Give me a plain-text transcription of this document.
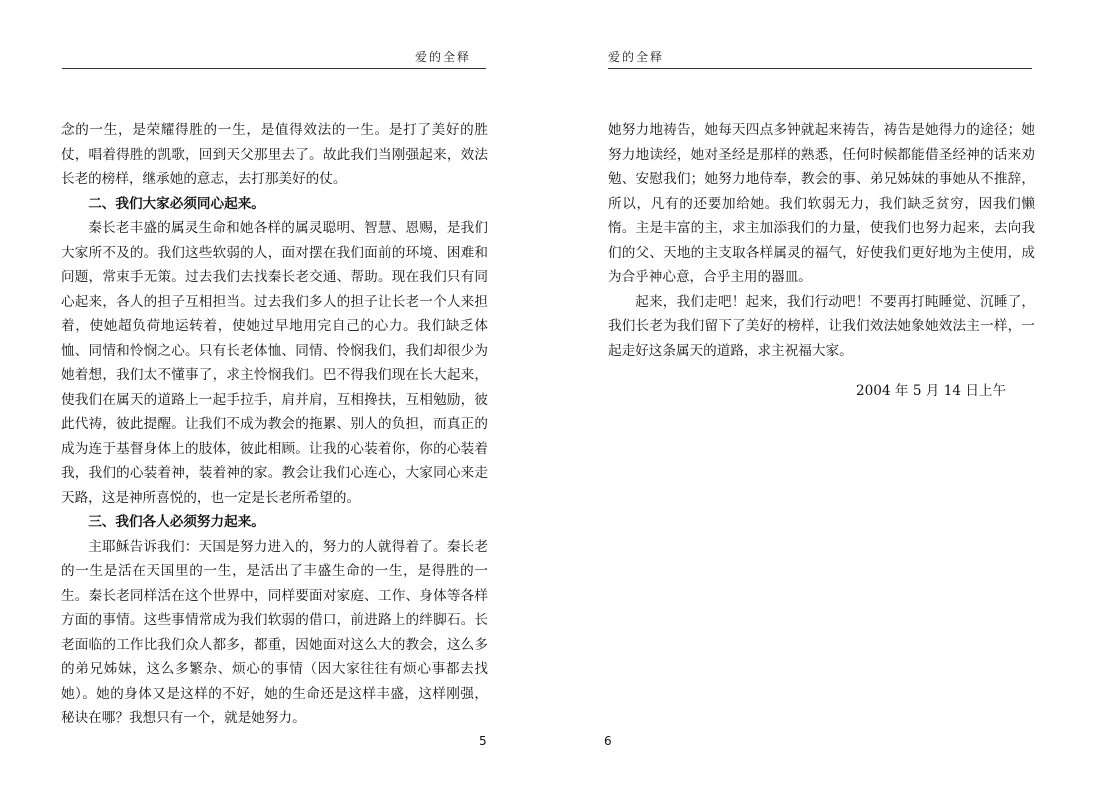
爱的全释

念的一生，是荣耀得胜的一生，是值得效法的一生。是打了美好的胜仗，唱着得胜的凯歌，回到天父那里去了。故此我们当刚强起来，效法长老的榜样，继承她的意志，去打那美好的仗。

二、我们大家必须同心起来。

秦长老丰盛的属灵生命和她各样的属灵聪明、智慧、恩赐，是我们大家所不及的。我们这些软弱的人，面对摆在我们面前的环境、困难和问题，常束手无策。过去我们去找秦长老交通、帮助。现在我们只有同心起来，各人的担子互相担当。过去我们多人的担子让长老一个人来担着，使她超负荷地运转着，使她过早地用完自己的心力。我们缺乏体恤、同情和怜悯之心。只有长老体恤、同情、怜悯我们，我们却很少为她着想，我们太不懂事了，求主怜悯我们。巴不得我们现在长大起来，使我们在属天的道路上一起手拉手，肩并肩，互相搀扶，互相勉励，彼此代祷，彼此提醒。让我们不成为教会的拖累、别人的负担，而真正的成为连于基督身体上的肢体，彼此相顾。让我的心装着你，你的心装着我，我们的心装着神，装着神的家。教会让我们心连心，大家同心来走天路，这是神所喜悦的，也一定是长老所希望的。

三、我们各人必须努力起来。

主耶稣告诉我们：天国是努力进入的，努力的人就得着了。秦长老的一生是活在天国里的一生，是活出了丰盛生命的一生，是得胜的一生。秦长老同样活在这个世界中，同样要面对家庭、工作、身体等各样方面的事情。这些事情常成为我们软弱的借口，前进路上的绊脚石。长老面临的工作比我们众人都多，都重，因她面对这么大的教会，这么多的弟兄姊妹，这么多繁杂、烦心的事情（因大家往往有烦心事都去找她）。她的身体又是这样的不好，她的生命还是这样丰盛，这样刚强，秘诀在哪？我想只有一个，就是她努力。

5
爱的全释

她努力地祷告，她每天四点多钟就起来祷告，祷告是她得力的途径；她努力地读经，她对圣经是那样的熟悉，任何时候都能借圣经神的话来劝勉、安慰我们；她努力地侍奉，教会的事、弟兄姊妹的事她从不推辞，所以，凡有的还要加给她。我们软弱无力，我们缺乏贫穷，因我们懒惰。主是丰富的主，求主加添我们的力量，使我们也努力起来，去向我们的父、天地的主支取各样属灵的福气，好使我们更好地为主使用，成为合乎神心意，合乎主用的器皿。

起来，我们走吧！起来，我们行动吧！不要再打盹睡觉、沉睡了，我们长老为我们留下了美好的榜样，让我们效法她象她效法主一样，一起走好这条属天的道路，求主祝福大家。

2004 年 5 月 14 日上午
6
